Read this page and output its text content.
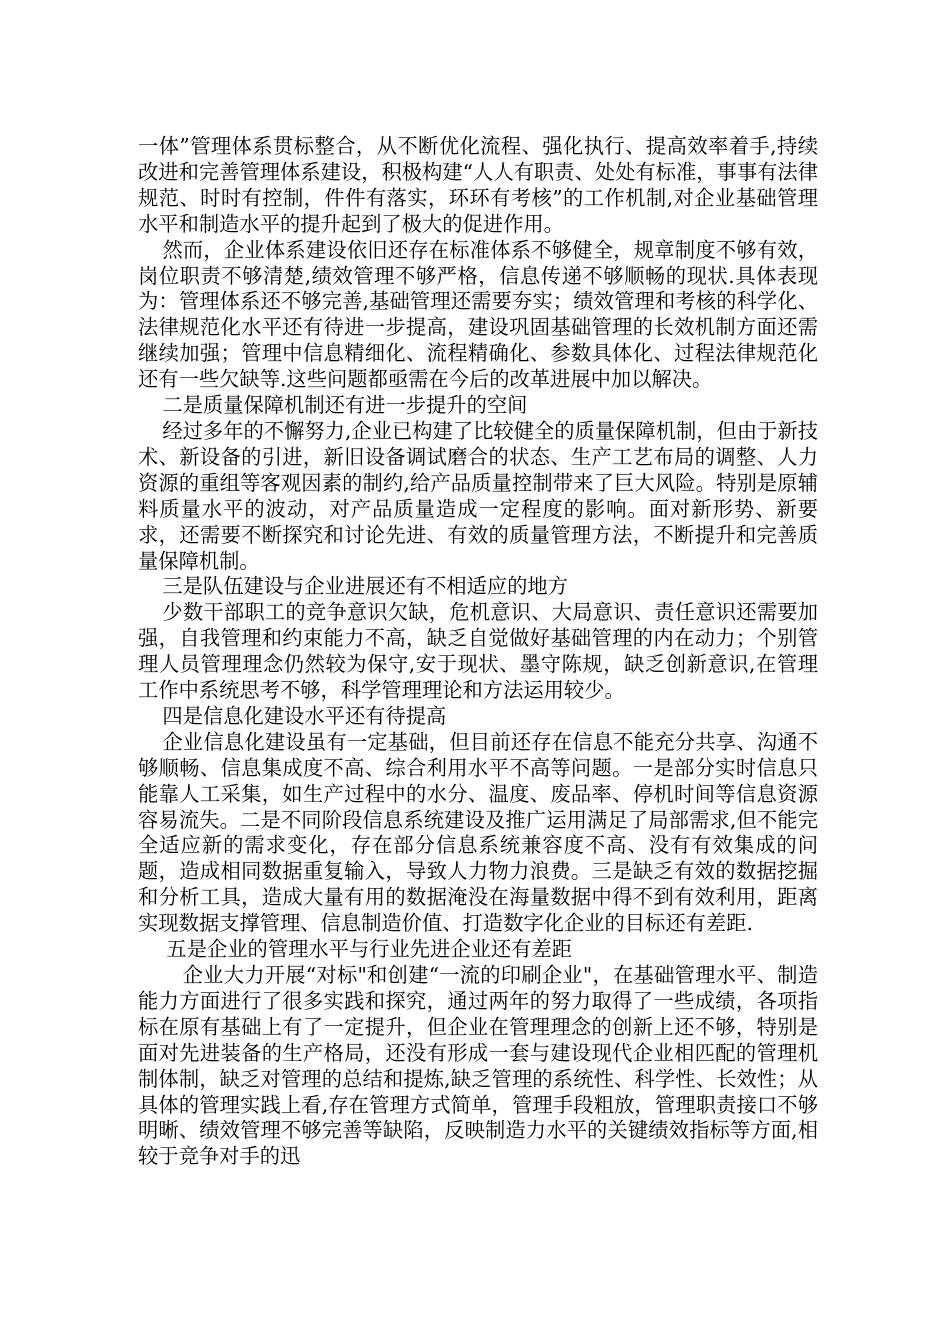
一体”管理体系贯标整合，从不断优化流程、强化执行、提高效率着手,持续改进和完善管理体系建设，积极构建“人人有职责、处处有标准，事事有法律规范、时时有控制，件件有落实，环环有考核”的工作机制,对企业基础管理水平和制造水平的提升起到了极大的促进作用。

然而，企业体系建设依旧还存在标准体系不够健全，规章制度不够有效，岗位职责不够清楚,绩效管理不够严格，信息传递不够顺畅的现状.具体表现为：管理体系还不够完善,基础管理还需要夯实；绩效管理和考核的科学化、法律规范化水平还有待进一步提高，建设巩固基础管理的长效机制方面还需继续加强；管理中信息精细化、流程精确化、参数具体化、过程法律规范化还有一些欠缺等.这些问题都亟需在今后的改革进展中加以解决。

二是质量保障机制还有进一步提升的空间

经过多年的不懈努力,企业已构建了比较健全的质量保障机制，但由于新技术、新设备的引进，新旧设备调试磨合的状态、生产工艺布局的调整、人力资源的重组等客观因素的制约,给产品质量控制带来了巨大风险。特别是原辅料质量水平的波动，对产品质量造成一定程度的影响。面对新形势、新要求，还需要不断探究和讨论先进、有效的质量管理方法，不断提升和完善质量保障机制。

三是队伍建设与企业进展还有不相适应的地方

少数干部职工的竞争意识欠缺，危机意识、大局意识、责任意识还需要加强，自我管理和约束能力不高，缺乏自觉做好基础管理的内在动力；个别管理人员管理理念仍然较为保守,安于现状、墨守陈规，缺乏创新意识,在管理工作中系统思考不够，科学管理理论和方法运用较少。

四是信息化建设水平还有待提高

企业信息化建设虽有一定基础，但目前还存在信息不能充分共享、沟通不够顺畅、信息集成度不高、综合利用水平不高等问题。一是部分实时信息只能靠人工采集，如生产过程中的水分、温度、废品率、停机时间等信息资源容易流失。二是不同阶段信息系统建设及推广运用满足了局部需求,但不能完全适应新的需求变化，存在部分信息系统兼容度不高、没有有效集成的问题，造成相同数据重复输入，导致人力物力浪费。三是缺乏有效的数据挖掘和分析工具，造成大量有用的数据淹没在海量数据中得不到有效利用，距离实现数据支撑管理、信息制造价值、打造数字化企业的目标还有差距.

五是企业的管理水平与行业先进企业还有差距

企业大力开展“对标"和创建“一流的印刷企业"，在基础管理水平、制造能力方面进行了很多实践和探究，通过两年的努力取得了一些成绩，各项指标在原有基础上有了一定提升，但企业在管理理念的创新上还不够，特别是面对先进装备的生产格局，还没有形成一套与建设现代企业相匹配的管理机制体制，缺乏对管理的总结和提炼,缺乏管理的系统性、科学性、长效性；从具体的管理实践上看,存在管理方式简单，管理手段粗放，管理职责接口不够明晰、绩效管理不够完善等缺陷，反映制造力水平的关键绩效指标等方面,相较于竞争对手的迅
